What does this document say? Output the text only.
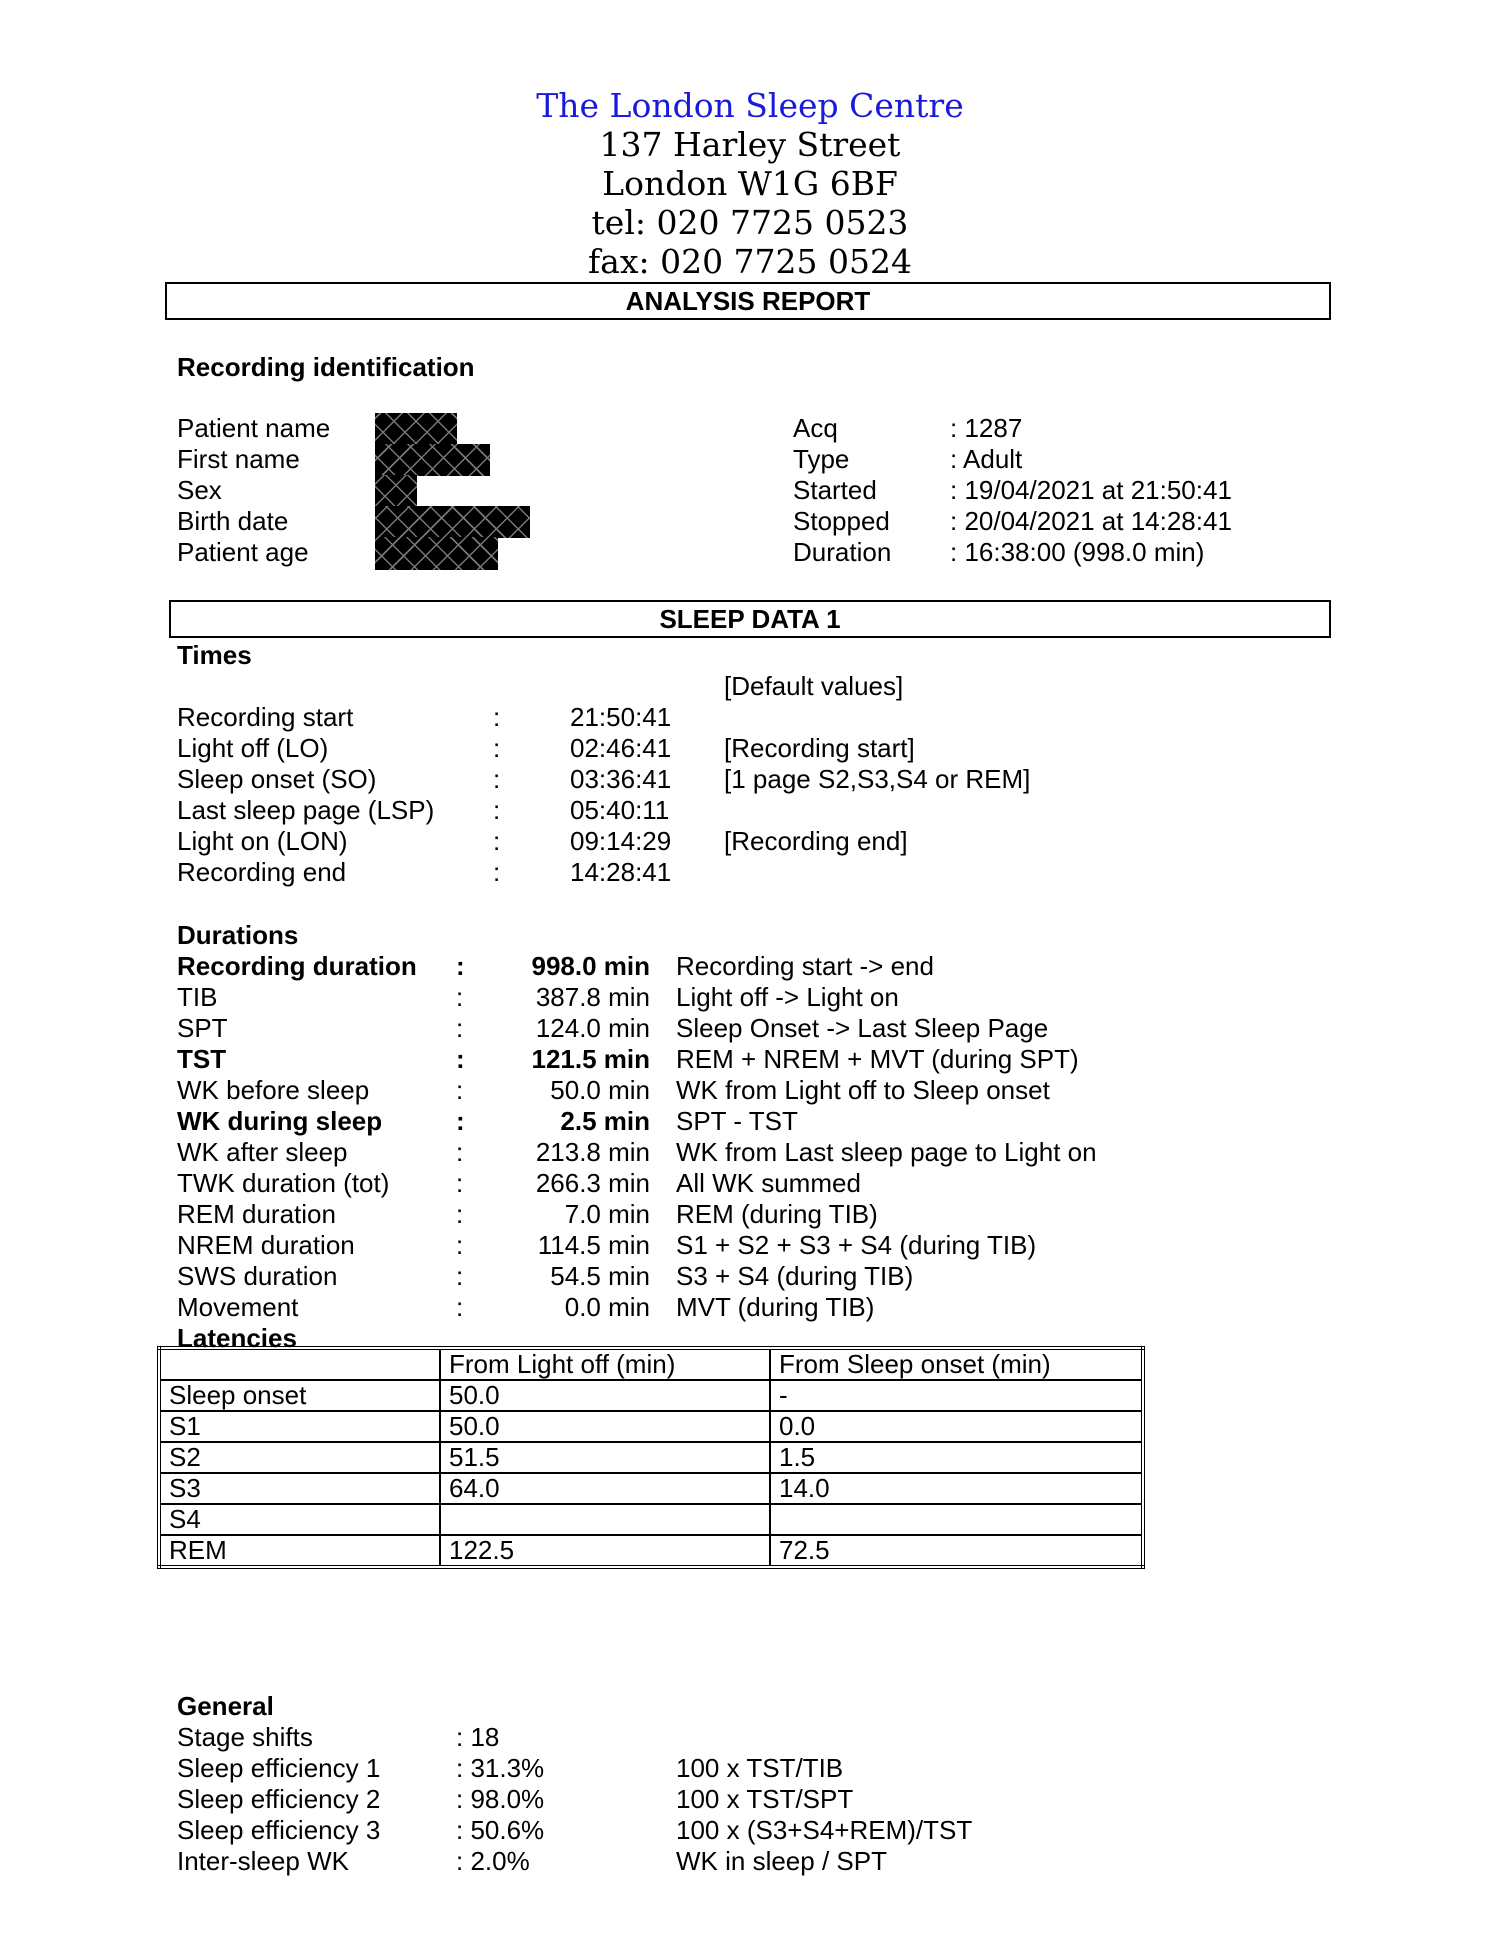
The London Sleep Centre
137 Harley Street
London W1G 6BF
tel: 020 7725 0523
fax: 020 7725 0524
ANALYSIS REPORT
Recording identification
Patient name
First name
Sex
Birth date
Patient age
Acq	: 1287
Type	: Adult
Started	: 19/04/2021 at 21:50:41
Stopped : 20/04/2021 at 14:28:41
Duration : 16:38:00 (998.0 min)
SLEEP DATA 1
Times
[Default values]
Recording start	:	21:50:41
Light off (LO)	:	02:46:41 [Recording start]
Sleep onset (SO)	:	03:36:41 [1 page S2,S3,S4 or REM]
Last sleep page (LSP) :	05:40:11
Light on (LON)	:	09:14:29 [Recording end]
Recording end	:	14:28:41
Durations
Recording duration :	998.0 min Recording start -> end
TIB	:	387.8 min Light off -> Light on
SPT	:	124.0 min Sleep Onset -> Last Sleep Page
TST	:	121.5 min REM + NREM + MVT (during SPT)
WK before sleep	:	50.0 min WK from Light off to Sleep onset
WK during sleep	:	2.5 min SPT - TST
WK after sleep	:	213.8 min WK from Last sleep page to Light on
TWK duration (tot)	:	266.3 min All WK summed
REM duration	:	7.0 min REM (during TIB)
NREM duration	:	114.5 min S1 + S2 + S3 + S4 (during TIB)
SWS duration	:	54.5 min S3 + S4 (during TIB)
Movement	:	0.0 min MVT (during TIB)
Latencies
	From Light off (min)	From Sleep onset (min)
Sleep onset	50.0	-
S1	50.0	0.0
S2	51.5	1.5
S3	64.0	14.0
S4		
REM	122.5	72.5
General
Stage shifts	: 18
Sleep efficiency 1	: 31.3%	100 x TST/TIB
Sleep efficiency 2	: 98.0%	100 x TST/SPT
Sleep efficiency 3	: 50.6%	100 x (S3+S4+REM)/TST
Inter-sleep WK	: 2.0%	WK in sleep / SPT
